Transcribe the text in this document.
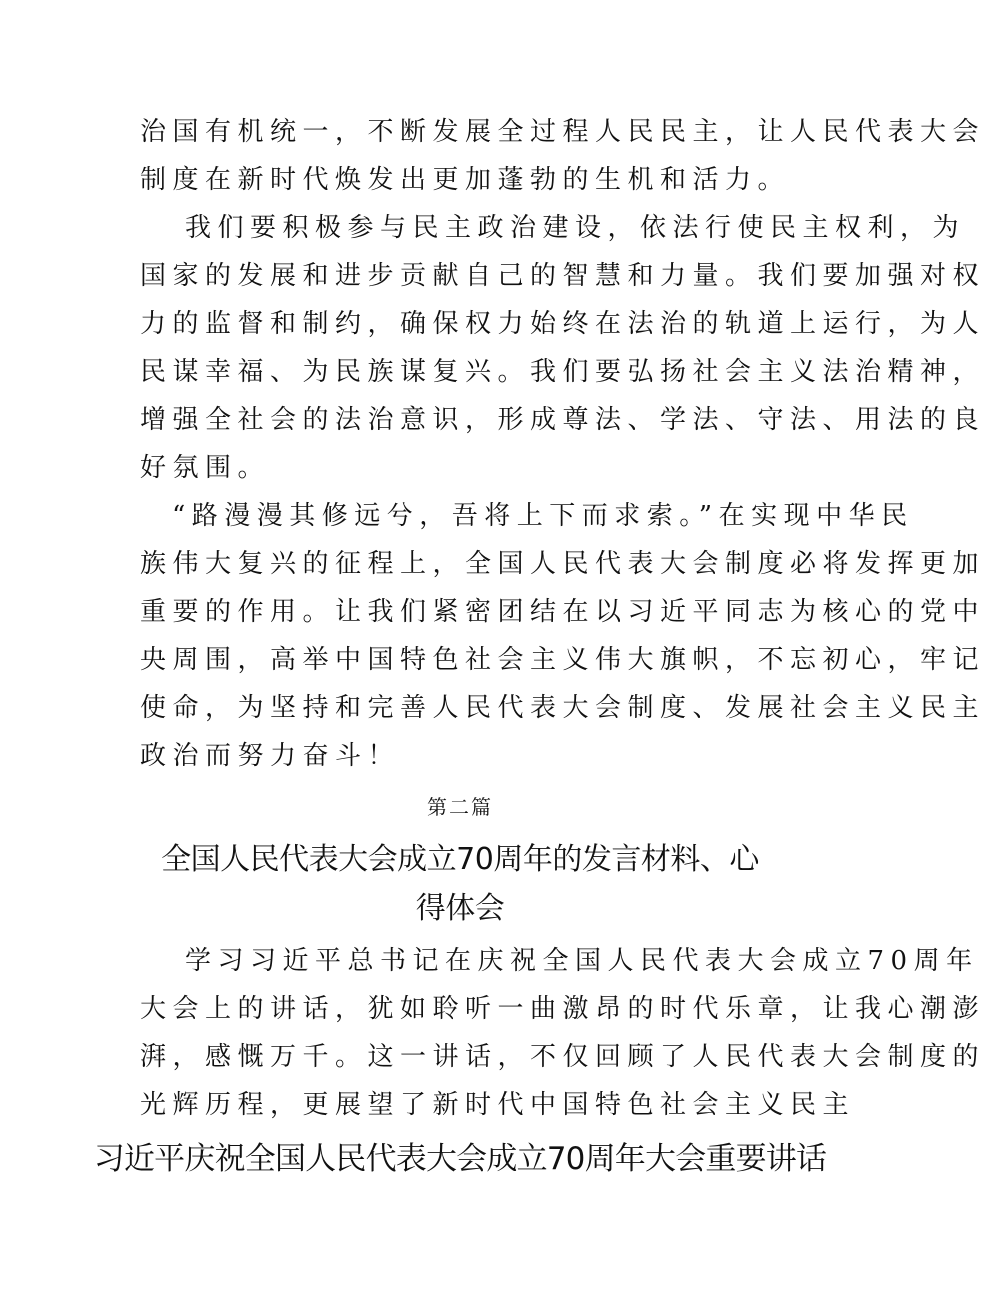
治国有机统一，不断发展全过程人民民主，让人民代表大会
制度在新时代焕发出更加蓬勃的生机和活力。
我们要积极参与民主政治建设，依法行使民主权利，为
国家的发展和进步贡献自己的智慧和力量。我们要加强对权
力的监督和制约，确保权力始终在法治的轨道上运行，为人
民谋幸福、为民族谋复兴。我们要弘扬社会主义法治精神，
增强全社会的法治意识，形成尊法、学法、守法、用法的良
好氛围。
“路漫漫其修远兮，吾将上下而求索。”在实现中华民
族伟大复兴的征程上，全国人民代表大会制度必将发挥更加
重要的作用。让我们紧密团结在以习近平同志为核心的党中
央周围，高举中国特色社会主义伟大旗帜，不忘初心，牢记
使命，为坚持和完善人民代表大会制度、发展社会主义民主
政治而努力奋斗！
第二篇
全国人民代表大会成立70周年的发言材料、心
得体会
学习习近平总书记在庆祝全国人民代表大会成立70周年
大会上的讲话，犹如聆听一曲激昂的时代乐章，让我心潮澎
湃，感慨万千。这一讲话，不仅回顾了人民代表大会制度的
光辉历程，更展望了新时代中国特色社会主义民主
习近平庆祝全国人民代表大会成立70周年大会重要讲话
